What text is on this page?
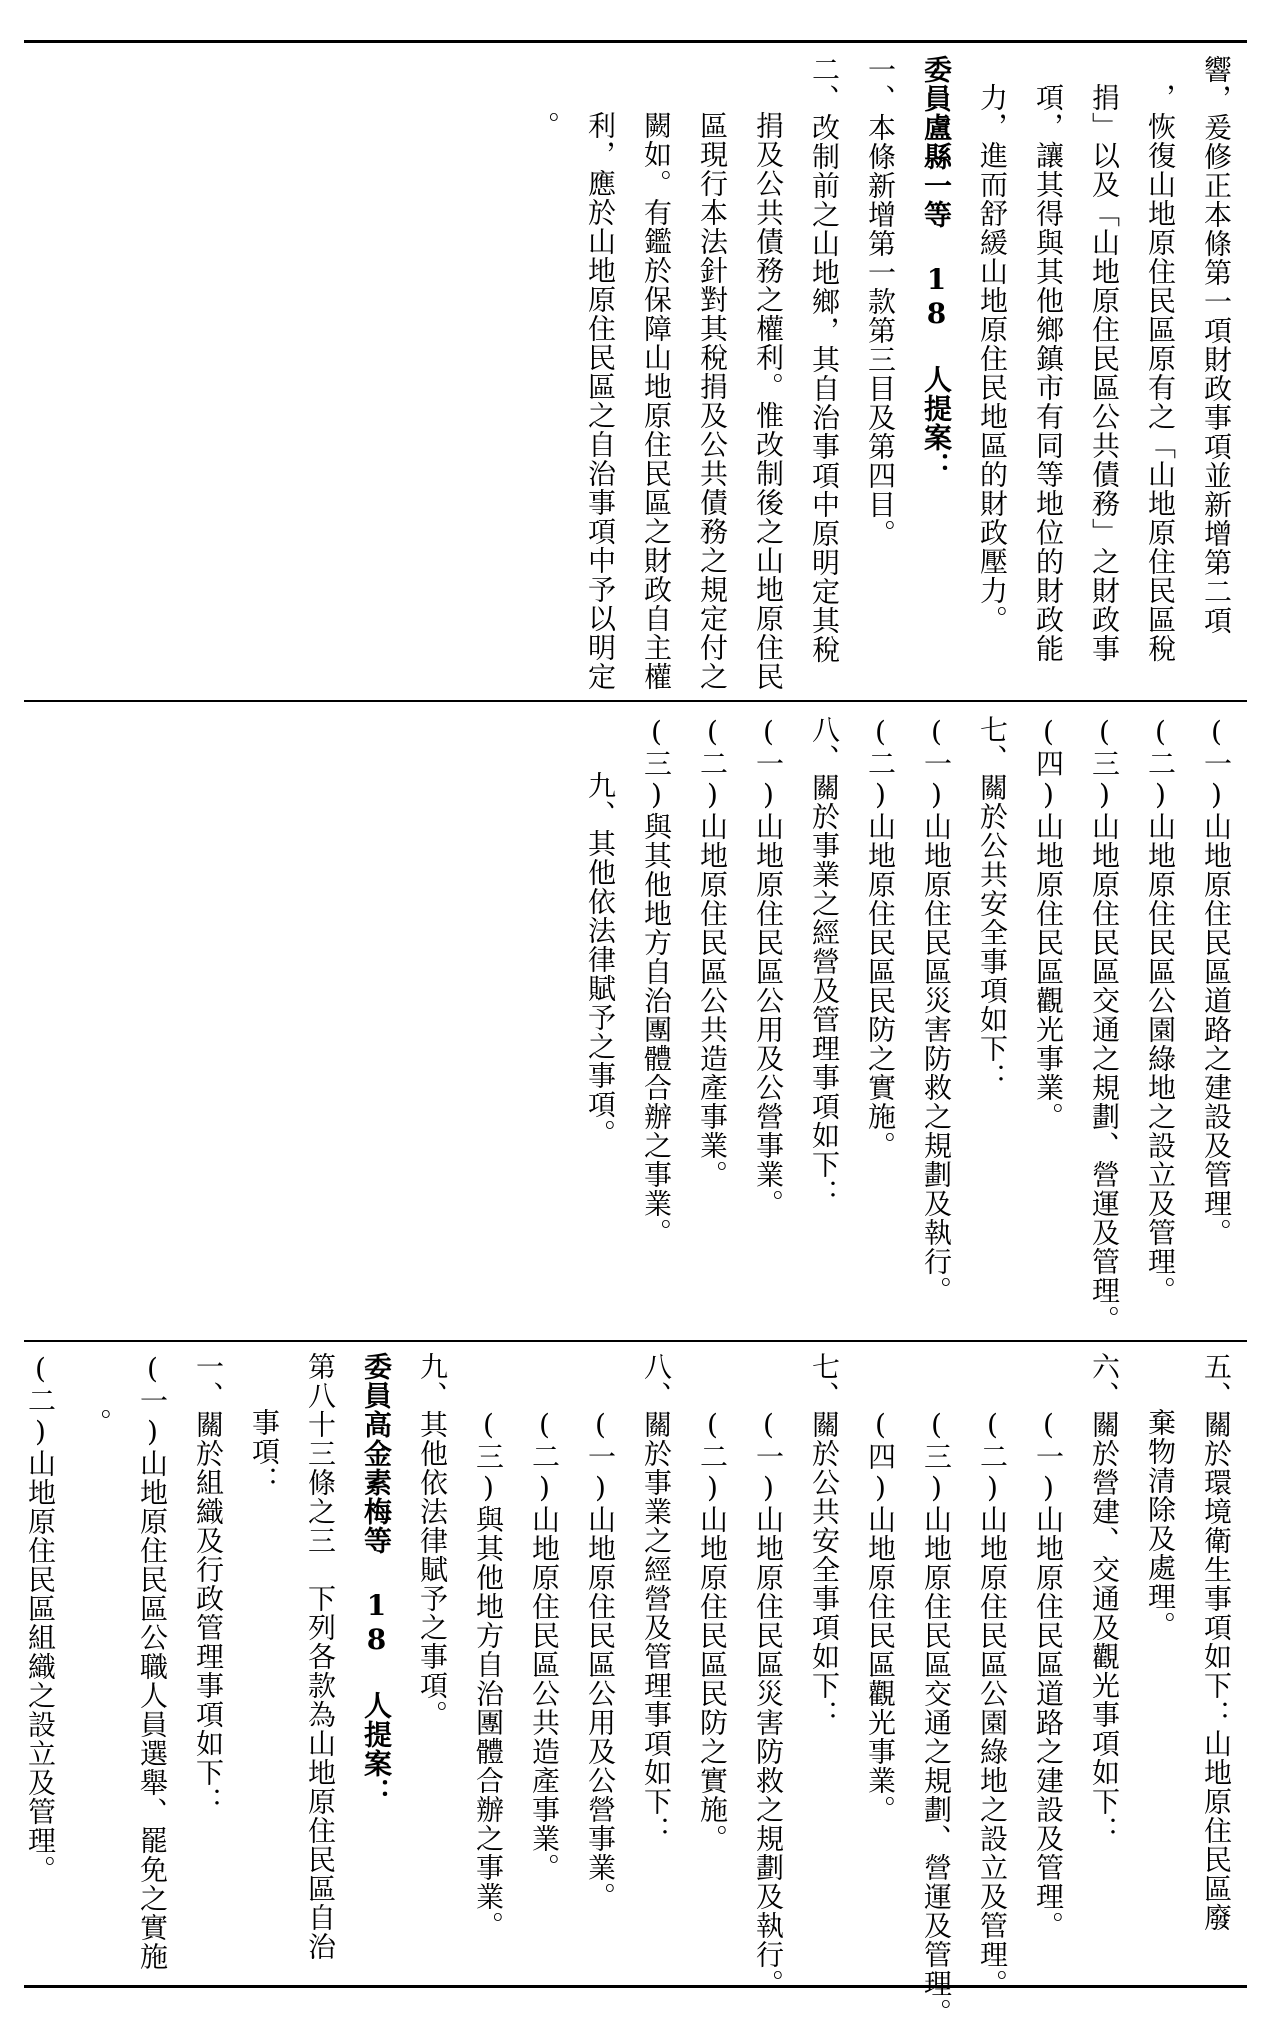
響，爰修正本條第一項財政事項並新增第二項
，恢復山地原住民區原有之「山地原住民區稅
捐」以及「山地原住民區公共債務」之財政事
項，讓其得與其他鄉鎮市有同等地位的財政能
力，進而舒緩山地原住民地區的財政壓力。
委員盧縣一等 18 人提案：
一、本條新增第一款第三目及第四目。
二、改制前之山地鄉，其自治事項中原明定其稅
捐及公共債務之權利。惟改制後之山地原住民
區現行本法針對其稅捐及公共債務之規定付之
闕如。有鑑於保障山地原住民區之財政自主權
利，應於山地原住民區之自治事項中予以明定
。
(一)山地原住民區道路之建設及管理。
(二)山地原住民區公園綠地之設立及管理。
(三)山地原住民區交通之規劃、營運及管理。
(四)山地原住民區觀光事業。
七、關於公共安全事項如下：
(一)山地原住民區災害防救之規劃及執行。
(二)山地原住民區民防之實施。
八、關於事業之經營及管理事項如下：
(一)山地原住民區公用及公營事業。
(二)山地原住民區公共造產事業。
(三)與其他地方自治團體合辦之事業。
九、其他依法律賦予之事項。
五、關於環境衛生事項如下：山地原住民區廢
棄物清除及處理。
六、關於營建、交通及觀光事項如下：
(一)山地原住民區道路之建設及管理。
(二)山地原住民區公園綠地之設立及管理。
(三)山地原住民區交通之規劃、營運及管理。
(四)山地原住民區觀光事業。
七、關於公共安全事項如下：
(一)山地原住民區災害防救之規劃及執行。
(二)山地原住民區民防之實施。
八、關於事業之經營及管理事項如下：
(一)山地原住民區公用及公營事業。
(二)山地原住民區公共造產事業。
(三)與其他地方自治團體合辦之事業。
九、其他依法律賦予之事項。
委員高金素梅等 18 人提案：
第八十三條之三　下列各款為山地原住民區自治
事項：
一、關於組織及行政管理事項如下：
(一)山地原住民區公職人員選舉、罷免之實施
。
(二)山地原住民區組織之設立及管理。
